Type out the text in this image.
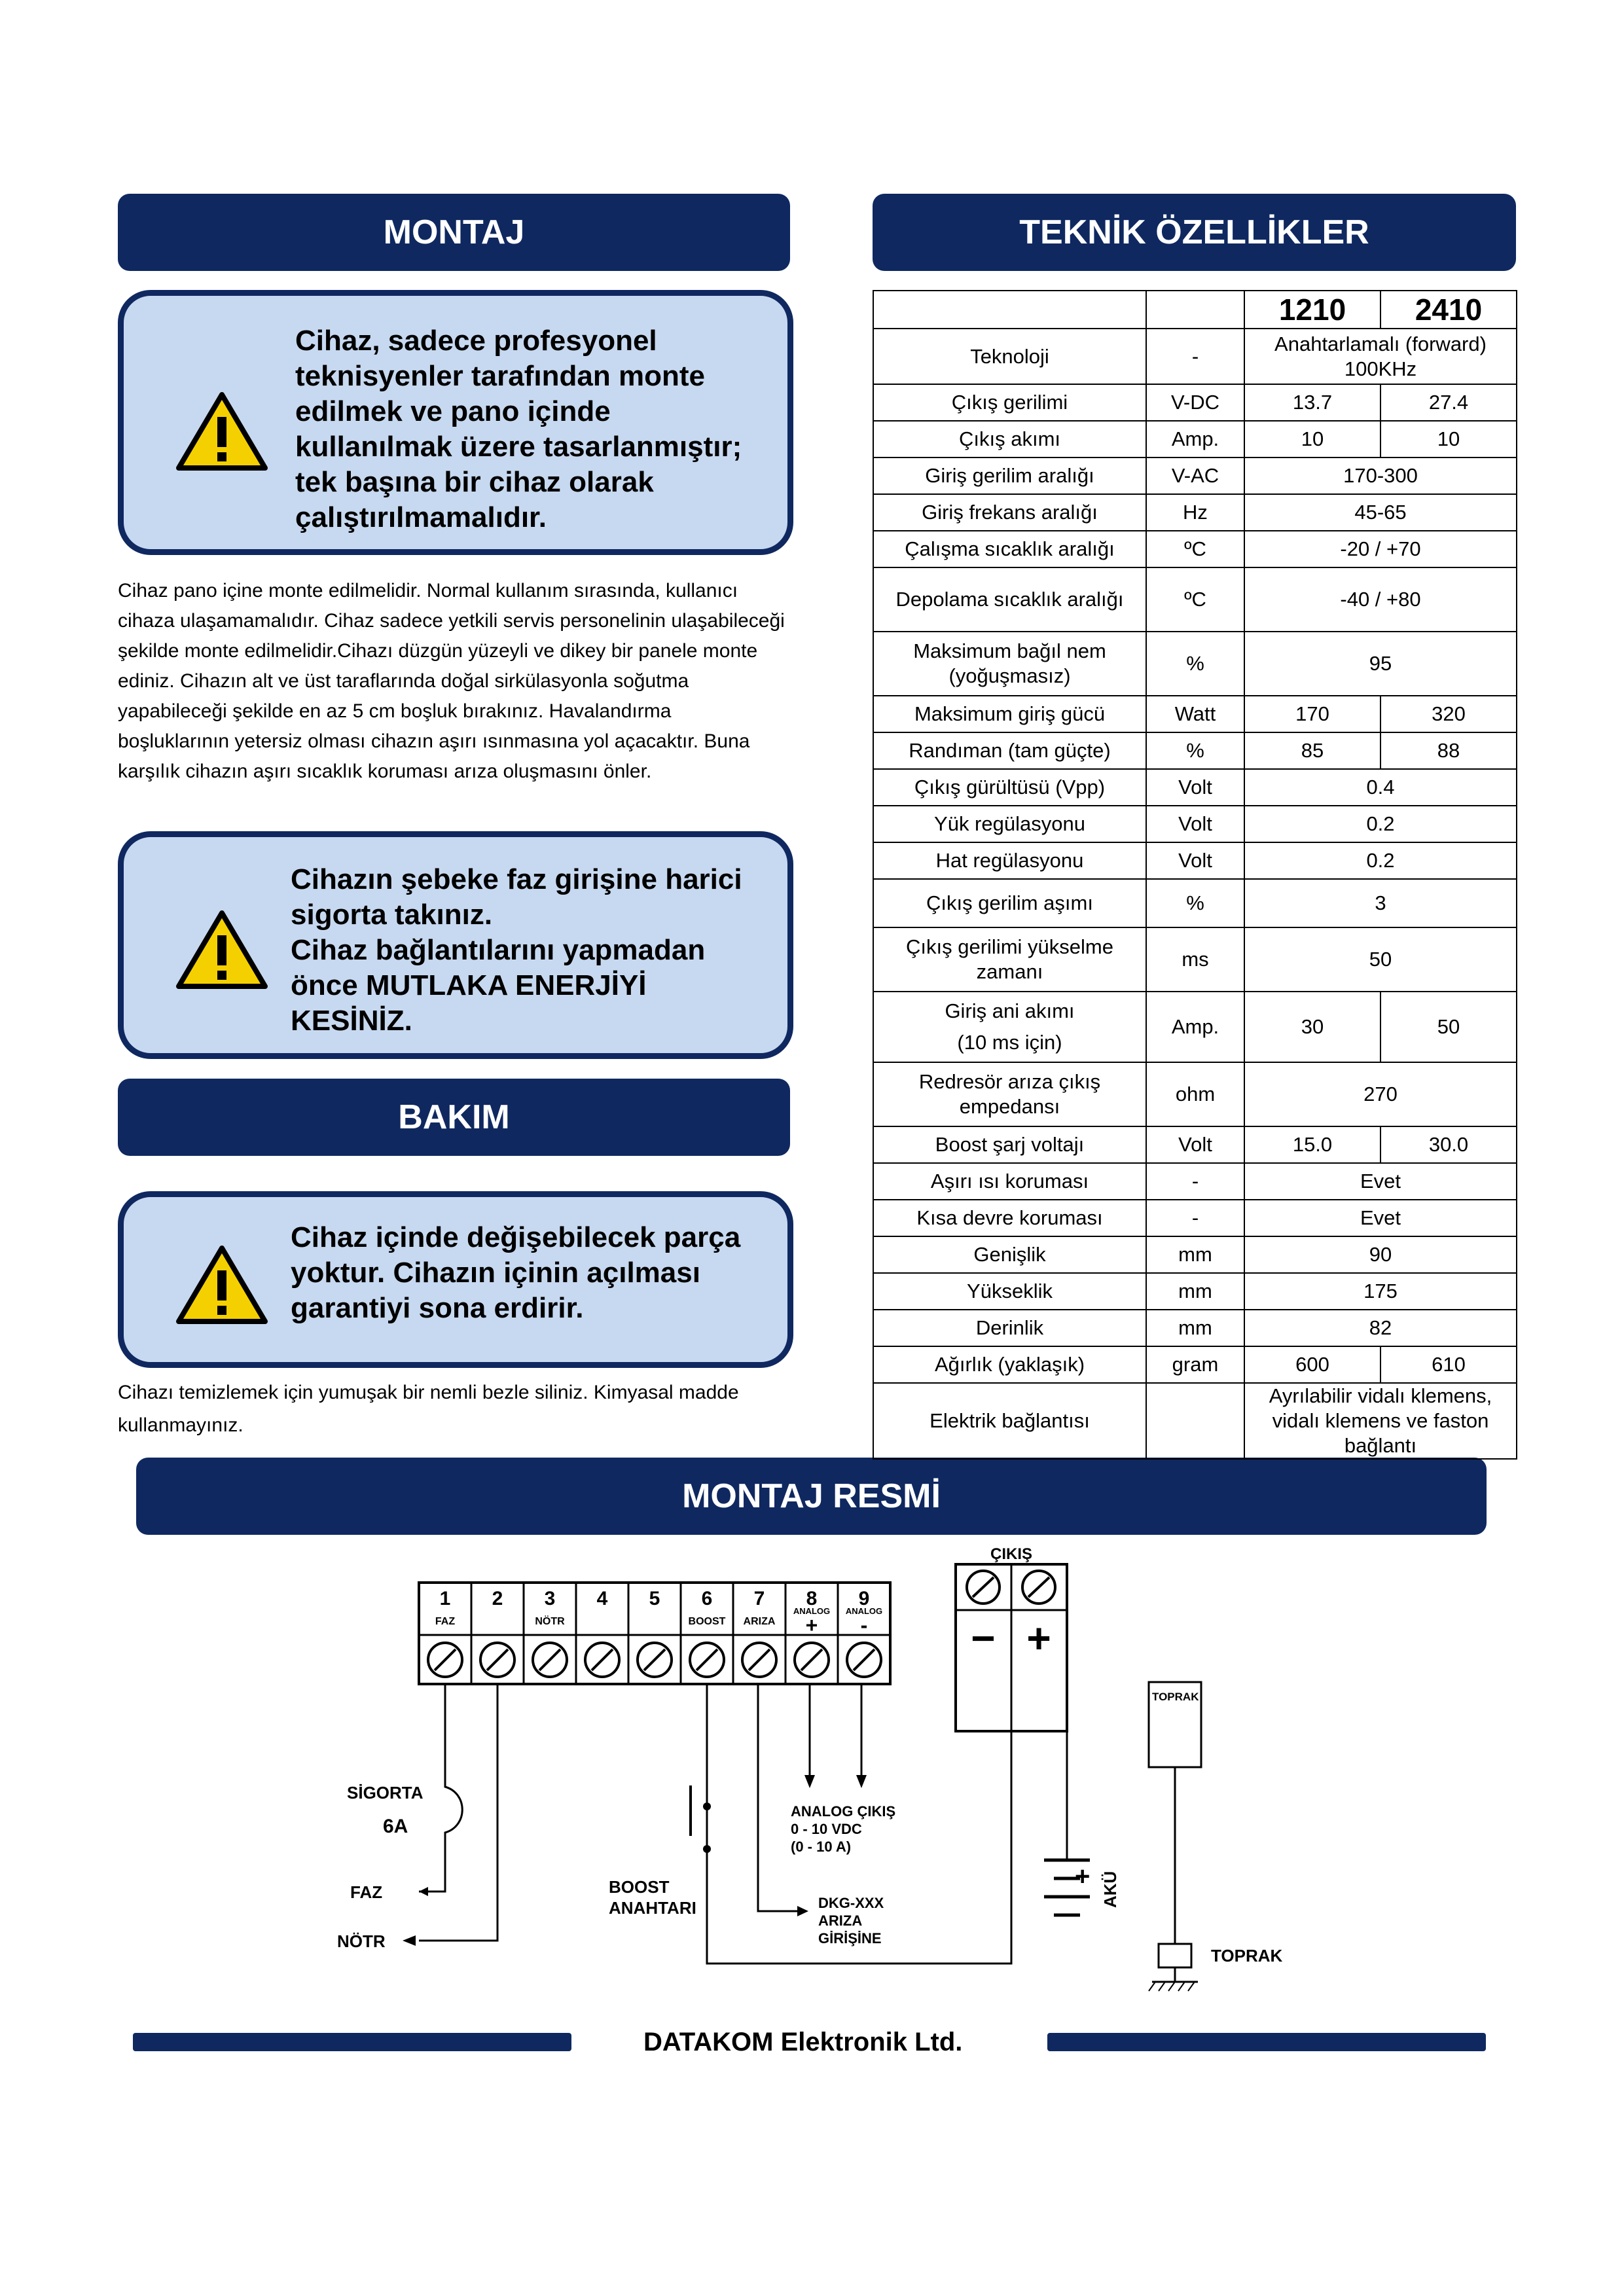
MONTAJ	TEKNİK ÖZELLİKLER
BAKIM
MONTAJ RESMİ
Cihaz, sadece profesyonel
teknisyenler tarafından monte
edilmek ve pano içinde
kullanılmak üzere tasarlanmıştır;
tek başına bir cihaz olarak
çalıştırılmamalıdır.
Cihaz pano içine monte edilmelidir. Normal kullanım sırasında, kullanıcı cihaza ulaşamamalıdır. Cihaz sadece yetkili servis personelinin ulaşabileceği şekilde monte edilmelidir.Cihazı düzgün yüzeyli ve dikey bir panele monte ediniz. Cihazın alt ve üst taraflarında doğal sirkülasyonla soğutma yapabileceği şekilde en az 5 cm boşluk bırakınız. Havalandırma boşluklarının yetersiz olması cihazın aşırı ısınmasına yol açacaktır. Buna karşılık cihazın aşırı sıcaklık koruması arıza oluşmasını önler.
Cihazın şebeke faz girişine harici
sigorta takınız.
Cihaz bağlantılarını yapmadan
önce MUTLAKA ENERJİYİ
KESİNİZ.
Cihaz içinde değişebilecek parça
yoktur. Cihazın içinin açılması
garantiyi sona erdirir.
Cihazı temizlemek için yumuşak bir nemli bezle siliniz. Kimyasal madde kullanmayınız.
		1210	2410
Teknoloji	-	Anahtarlamalı (forward) 100KHz	
Çıkış gerilimi	V-DC	13.7	27.4
Çıkış akımı	Amp.	10	10
Giriş gerilim aralığı	V-AC	170-300	
Giriş frekans aralığı	Hz	45-65	
Çalışma sıcaklık aralığı	ºC	-20 / +70	
Depolama sıcaklık aralığı	ºC	-40 / +80	
Maksimum bağıl nem (yoğuşmasız)	%	95	
Maksimum giriş gücü	Watt	170	320
Randıman (tam güçte)	%	85	88
Çıkış gürültüsü (Vpp)	Volt	0.4	
Yük regülasyonu	Volt	0.2	
Hat regülasyonu	Volt	0.2	
Çıkış gerilim aşımı	%	3	
Çıkış gerilimi yükselme zamanı	ms	50	

Giriş ani akımı
(10 ms için)	Amp.	30	50
Redresör arıza çıkış empedansı	ohm	270	
Boost şarj voltajı	Volt	15.0	30.0
Aşırı ısı koruması	-	Evet	
Kısa devre koruması	-	Evet	
Genişlik	mm	90	
Yükseklik	mm	175	
Derinlik	mm	82	
Ağırlık (yaklaşık)	gram	600	610
Elektrik bağlantısı		Ayrılabilir vidalı klemens, vidalı klemens ve faston bağlantı	
1
FAZ
2 3
NÖTR
4 5 6
BOOST
7
ARIZA
8
ANALOG
+
9
ANALOG
-
ÇIKIŞ
− +
SİGORTA
6A
FAZ
NÖTR
BOOST
ANAHTARI	DKG-XXX
ARIZA
GİRİŞİNE
ANALOG ÇIKIŞ
0 - 10 VDC
(0 - 10 A)
+ AKÜ
TOPRAK
TOPRAK
DATAKOM Elektronik Ltd.
